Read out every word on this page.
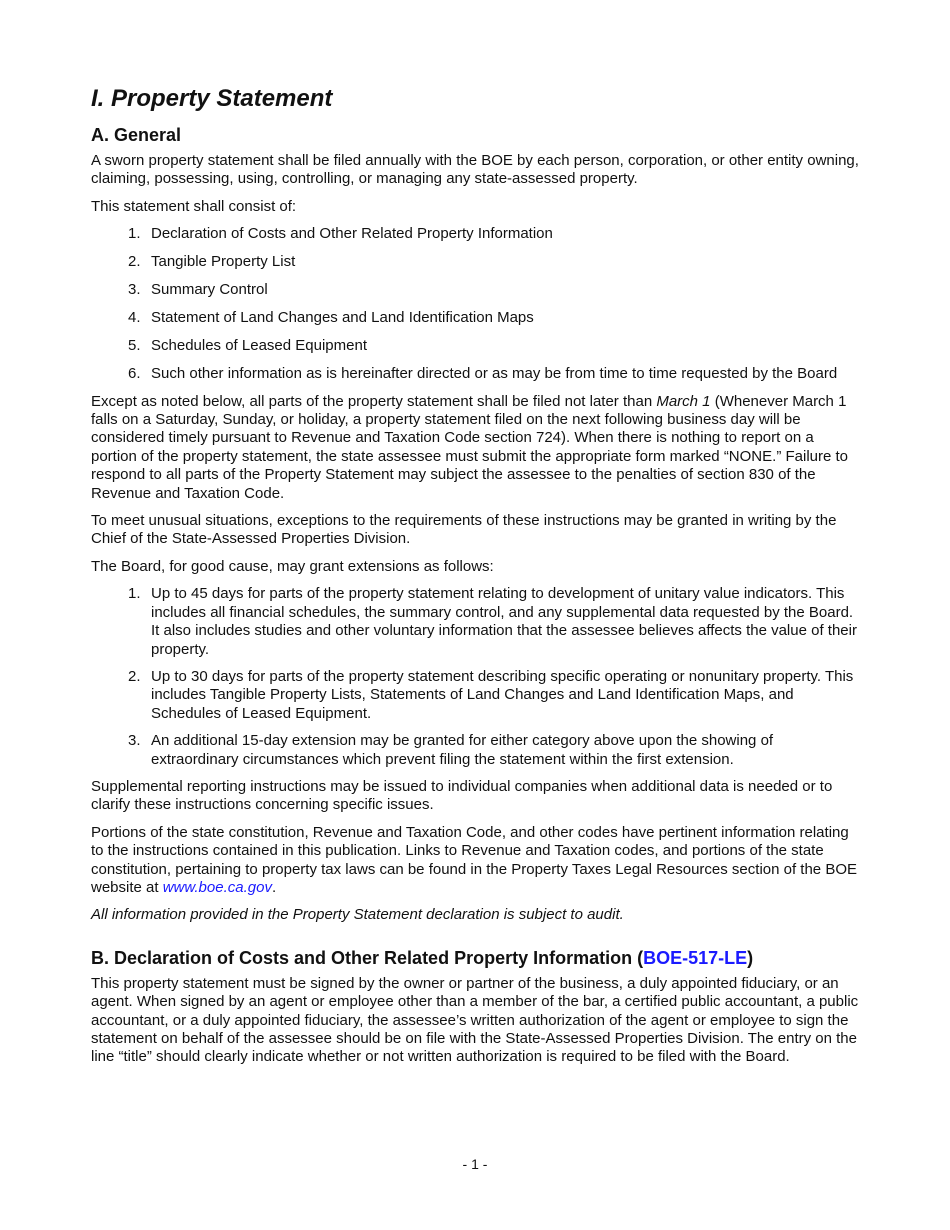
I. Property Statement
A. General

A sworn property statement shall be filed annually with the BOE by each person, corporation, or other entity owning, claiming, possessing, using, controlling, or managing any state-assessed property.

This statement shall consist of:

1. Declaration of Costs and Other Related Property Information
2. Tangible Property List
3. Summary Control
4. Statement of Land Changes and Land Identification Maps
5. Schedules of Leased Equipment
6. Such other information as is hereinafter directed or as may be from time to time requested by the Board

Except as noted below, all parts of the property statement shall be filed not later than March 1 (Whenever March 1 falls on a Saturday, Sunday, or holiday, a property statement filed on the next following business day will be considered timely pursuant to Revenue and Taxation Code section 724). When there is nothing to report on a portion of the property statement, the state assessee must submit the appropriate form marked “NONE.” Failure to respond to all parts of the Property Statement may subject the assessee to the penalties of section 830 of the Revenue and Taxation Code.

To meet unusual situations, exceptions to the requirements of these instructions may be granted in writing by the Chief of the State-Assessed Properties Division.

The Board, for good cause, may grant extensions as follows:

1. Up to 45 days for parts of the property statement relating to development of unitary value indicators. This includes all financial schedules, the summary control, and any supplemental data requested by the Board. It also includes studies and other voluntary information that the assessee believes affects the value of their property.
2. Up to 30 days for parts of the property statement describing specific operating or nonunitary property. This includes Tangible Property Lists, Statements of Land Changes and Land Identification Maps, and Schedules of Leased Equipment.
3. An additional 15-day extension may be granted for either category above upon the showing of extraordinary circumstances which prevent filing the statement within the first extension.

Supplemental reporting instructions may be issued to individual companies when additional data is needed or to clarify these instructions concerning specific issues.

Portions of the state constitution, Revenue and Taxation Code, and other codes have pertinent information relating to the instructions contained in this publication. Links to Revenue and Taxation codes, and portions of the state constitution, pertaining to property tax laws can be found in the Property Taxes Legal Resources section of the BOE website at www.boe.ca.gov.

All information provided in the Property Statement declaration is subject to audit.

B. Declaration of Costs and Other Related Property Information (BOE-517-LE)

This property statement must be signed by the owner or partner of the business, a duly appointed fiduciary, or an agent. When signed by an agent or employee other than a member of the bar, a certified public accountant, a public accountant, or a duly appointed fiduciary, the assessee’s written authorization of the agent or employee to sign the statement on behalf of the assessee should be on file with the State-Assessed Properties Division. The entry on the line “title” should clearly indicate whether or not written authorization is required to be filed with the Board.

- 1 -
